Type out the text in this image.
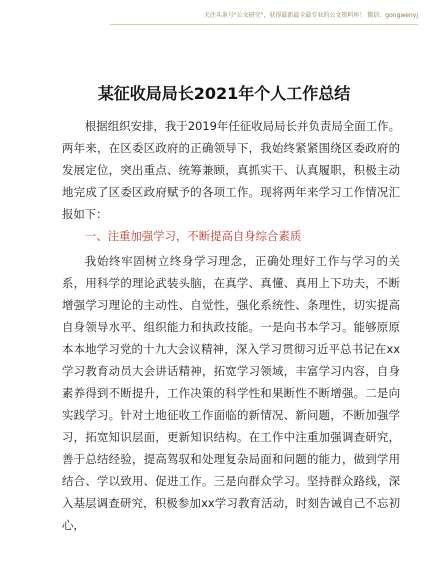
关注头条号"公文研究"，获得最新最全最专业的公文资料库！ 微信：gongwenyj
某征收局局长2021年个人工作总结
根据组织安排，我于2019年任征收局局长并负责局全面工作。两年来，在区委区政府的正确领导下，我始终紧紧围绕区委政府的发展定位，突出重点、统筹兼顾，真抓实干、认真履职，积极主动地完成了区委区政府赋予的各项工作。现将两年来学习工作情况汇报如下：
一、注重加强学习，不断提高自身综合素质
我始终牢固树立终身学习理念，正确处理好工作与学习的关系，用科学的理论武装头脑，在真学、真懂、真用上下功夫，不断增强学习理论的主动性、自觉性，强化系统性、条理性，切实提高自身领导水平、组织能力和执政技能。一是向书本学习。能够原原本本地学习党的十九大会议精神，深入学习贯彻习近平总书记在xx学习教育动员大会讲话精神，拓宽学习领域，丰富学习内容，自身素养得到不断提升，工作决策的科学性和果断性不断增强。二是向实践学习。针对土地征收工作面临的新情况、新问题，不断加强学习，拓宽知识层面，更新知识结构。在工作中注重加强调查研究，善于总结经验，提高驾驭和处理复杂局面和问题的能力，做到学用结合、学以致用、促进工作。三是向群众学习。坚持群众路线，深入基层调查研究，积极参加xx学习教育活动，时刻告诫自己不忘初心，
